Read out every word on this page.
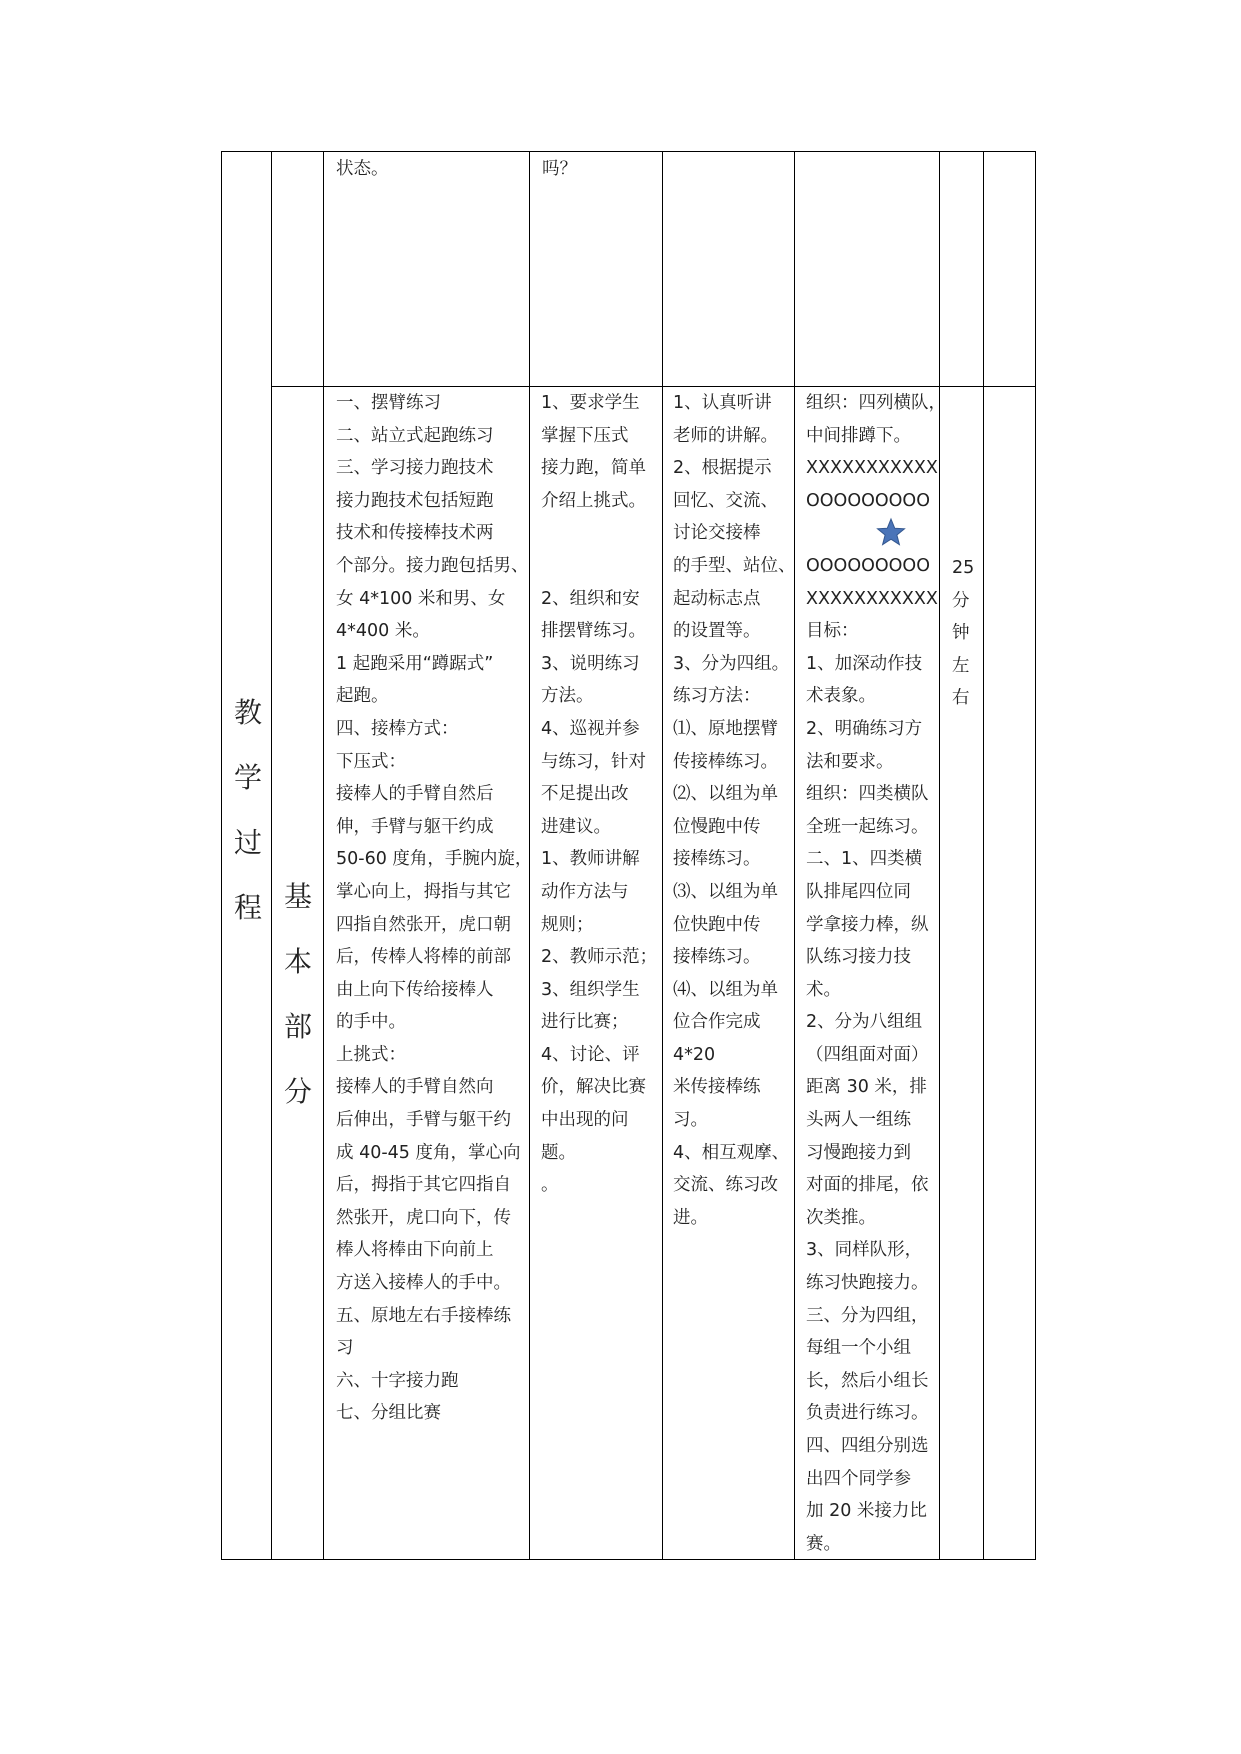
状态。	吗？
教
学
过
程 基
本
部
分
一、摆臂练习
二、站立式起跑练习
三、学习接力跑技术
接力跑技术包括短跑
技术和传接棒技术两
个部分。接力跑包括男、
女 4*100 米和男、女
4*400 米。
1 起跑采用“蹲踞式”
起跑。
四、接棒方式：
下压式：
接棒人的手臂自然后
伸，手臂与躯干约成
50-60 度角，手腕内旋，
掌心向上，拇指与其它
四指自然张开，虎口朝
后，传棒人将棒的前部
由上向下传给接棒人
的手中。
上挑式：
接棒人的手臂自然向
后伸出，手臂与躯干约
成 40-45 度角，掌心向
后，拇指于其它四指自
然张开，虎口向下，传
棒人将棒由下向前上
方送入接棒人的手中。
五、原地左右手接棒练
习
六、十字接力跑
七、分组比赛
1、要求学生
掌握下压式
接力跑，简单
介绍上挑式。

2、组织和安
排摆臂练习。
3、说明练习
方法。
4、巡视并参
与练习，针对
不足提出改
进建议。
1、教师讲解
动作方法与
规则；
2、教师示范；
3、组织学生
进行比赛；
4、讨论、评
价，解决比赛
中出现的问
题。
。
1、认真听讲
老师的讲解。
2、根据提示
回忆、交流、
讨论交接棒
的手型、站位、
起动标志点
的设置等。
3、分为四组。
练习方法：
⑴、原地摆臂
传接棒练习。
⑵、以组为单
位慢跑中传
接棒练习。
⑶、以组为单
位快跑中传
接棒练习。
⑷、以组为单
位合作完成
4*20
米传接棒练
习。
4、相互观摩、
交流、练习改
进。
组织：四列横队，
中间排蹲下。
XXXXXXXXXXX
OOOOOOOOO
OOOOOOOOO
XXXXXXXXXXX
目标：
1、加深动作技
术表象。
2、明确练习方
法和要求。
组织：四类横队
全班一起练习。
二、1、四类横
队排尾四位同
学拿接力棒，纵
队练习接力技
术。
2、分为八组组
（四组面对面）
距离 30 米，排
头两人一组练
习慢跑接力到
对面的排尾，依
次类推。
3、同样队形，
练习快跑接力。
三、分为四组，
每组一个小组
长，然后小组长
负责进行练习。
四、四组分别选
出四个同学参
加 20 米接力比
赛。
25
分
钟
左
右
